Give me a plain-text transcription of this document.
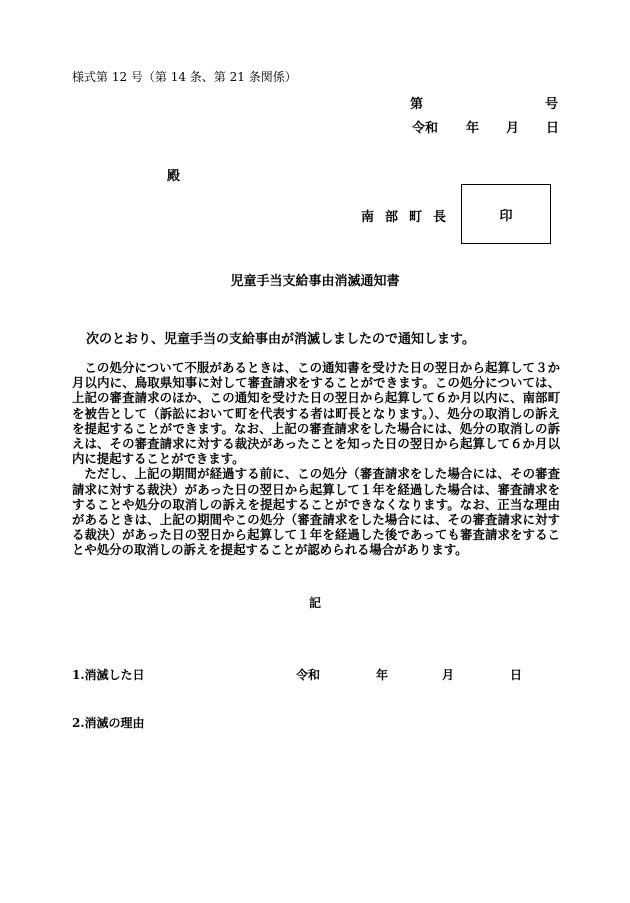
様式第 12 号（第 14 条、第 21 条関係）
第	号
令和 年 月 日
殿
南部町長	印
児童手当支給事由消滅通知書
次のとおり、児童手当の支給事由が消滅しましたので通知します。

この処分について不服があるときは、この通知書を受けた日の翌日から起算して３か月以内に、鳥取県知事に対して審査請求をすることができます。この処分については、上記の審査請求のほか、この通知を受けた日の翌日から起算して６か月以内に、南部町を被告として（訴訟において町を代表する者は町長となります。）、処分の取消しの訴えを提起することができます。なお、上記の審査請求をした場合には、処分の取消しの訴えは、その審査請求に対する裁決があったことを知った日の翌日から起算して６か月以内に提起することができます。

ただし、上記の期間が経過する前に、この処分（審査請求をした場合には、その審査請求に対する裁決）があった日の翌日から起算して１年を経過した場合は、審査請求をすることや処分の取消しの訴えを提起することができなくなります。なお、正当な理由があるときは、上記の期間やこの処分（審査請求をした場合には、その審査請求に対する裁決）があった日の翌日から起算して１年を経過した後であっても審査請求をすることや処分の取消しの訴えを提起することが認められる場合があります。

記
1.消滅した日	令和	年	月	日
2.消滅の理由
